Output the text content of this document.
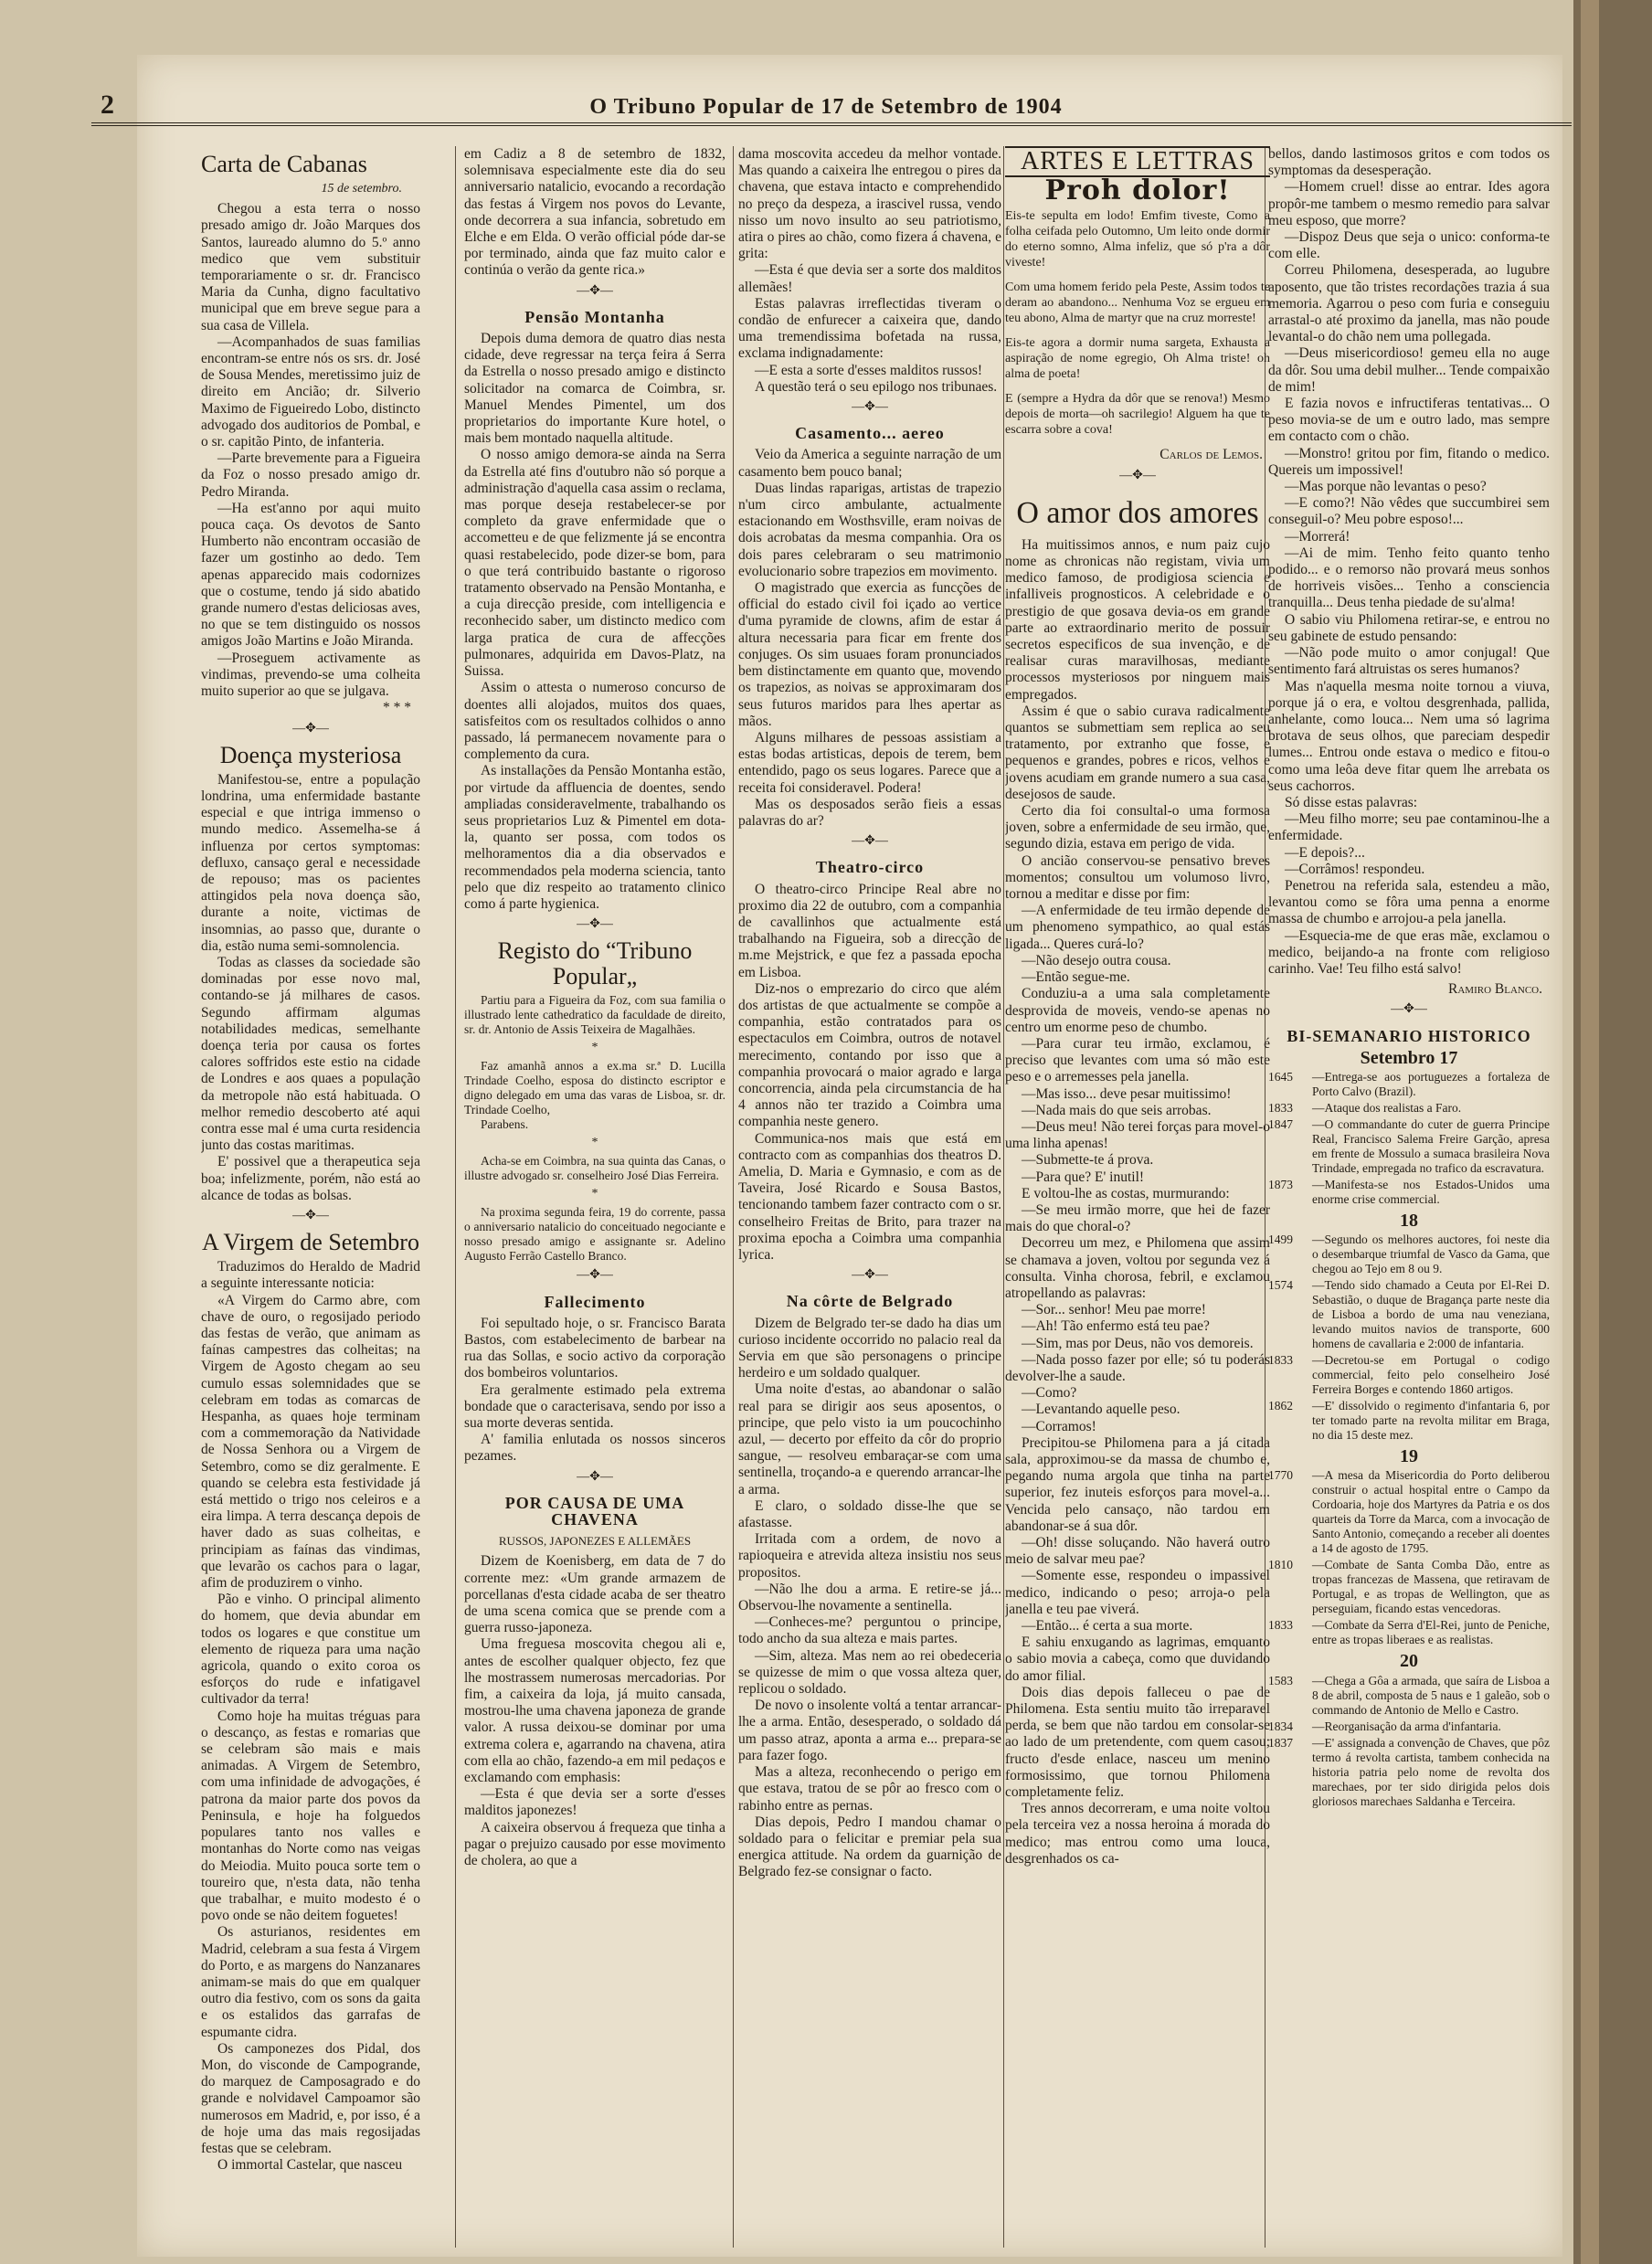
2	O Tribuno Popular de 17 de Setembro de 1904
Carta de Cabanas
15 de setembro.

Chegou a esta terra o nosso presado amigo dr. João Marques dos Santos, laureado alumno do 5.º anno medico que vem substituir temporariamente o sr. dr. Francisco Maria da Cunha, digno facultativo municipal que em breve segue para a sua casa de Villela.

—Acompanhados de suas familias encontram-se entre nós os srs. dr. José de Sousa Mendes, meretissimo juiz de direito em Ancião; dr. Silverio Maximo de Figueiredo Lobo, distincto advogado dos auditorios de Pombal, e o sr. capitão Pinto, de infanteria.

—Parte brevemente para a Figueira da Foz o nosso presado amigo dr. Pedro Miranda.

—Ha est'anno por aqui muito pouca caça. Os devotos de Santo Humberto não encontram occasião de fazer um gostinho ao dedo. Tem apenas apparecido mais codornizes que o costume, tendo já sido abatido grande numero d'estas deliciosas aves, no que se tem distinguido os nossos amigos João Martins e João Miranda.

—Proseguem activamente as vindimas, prevendo-se uma colheita muito superior ao que se julgava.

* * *
—✥—
Doença mysteriosa

Manifestou-se, entre a população londrina, uma enfermidade bastante especial e que intriga immenso o mundo medico. Assemelha-se á influenza por certos symptomas: defluxo, cansaço geral e necessidade de repouso; mas os pacientes attingidos pela nova doença são, durante a noite, victimas de insomnias, ao passo que, durante o dia, estão numa semi-somnolencia.

Todas as classes da sociedade são dominadas por esse novo mal, contando-se já milhares de casos. Segundo affirmam algumas notabilidades medicas, semelhante doença teria por causa os fortes calores soffridos este estio na cidade de Londres e aos quaes a população da metropole não está habituada. O melhor remedio descoberto até aqui contra esse mal é uma curta residencia junto das costas maritimas.

E' possivel que a therapeutica seja boa; infelizmente, porém, não está ao alcance de todas as bolsas.

—✥—
A Virgem de Setembro

Traduzimos do Heraldo de Madrid a seguinte interessante noticia:

«A Virgem do Carmo abre, com chave de ouro, o regosijado periodo das festas de verão, que animam as faínas campestres das colheitas; na Virgem de Agosto chegam ao seu cumulo essas solemnidades que se celebram em todas as comarcas de Hespanha, as quaes hoje terminam com a commemoração da Natividade de Nossa Senhora ou a Virgem de Setembro, como se diz geralmente. E quando se celebra esta festividade já está mettido o trigo nos celeiros e a eira limpa. A terra descança depois de haver dado as suas colheitas, e principiam as faínas das vindimas, que levarão os cachos para o lagar, afim de produzirem o vinho.

Pão e vinho. O principal alimento do homem, que devia abundar em todos os logares e que constitue um elemento de riqueza para uma nação agricola, quando o exito coroa os esforços do rude e infatigavel cultivador da terra!

Como hoje ha muitas tréguas para o descanço, as festas e romarias que se celebram são mais e mais animadas. A Virgem de Setembro, com uma infinidade de advogações, é patrona da maior parte dos povos da Peninsula, e hoje ha folguedos populares tanto nos valles e montanhas do Norte como nas veigas do Meiodia. Muito pouca sorte tem o toureiro que, n'esta data, não tenha que trabalhar, e muito modesto é o povo onde se não deitem foguetes!

Os asturianos, residentes em Madrid, celebram a sua festa á Virgem do Porto, e as margens do Nanzanares animam-se mais do que em qualquer outro dia festivo, com os sons da gaita e os estalidos das garrafas de espumante cidra.

Os camponezes dos Pidal, dos Mon, do visconde de Campogrande, do marquez de Camposagrado e do grande e nolvidavel Campoamor são numerosos em Madrid, e, por isso, é a de hoje uma das mais regosijadas festas que se celebram.

O immortal Castelar, que nasceu

em Cadiz a 8 de setembro de 1832, solemnisava especialmente este dia do seu anniversario natalicio, evocando a recordação das festas á Virgem nos povos do Levante, onde decorrera a sua infancia, sobretudo em Elche e em Elda. O verão official póde dar-se por terminado, ainda que faz muito calor e continúa o verão da gente rica.»

—✥—
Pensão Montanha

Depois duma demora de quatro dias nesta cidade, deve regressar na terça feira á Serra da Estrella o nosso presado amigo e distincto solicitador na comarca de Coimbra, sr. Manuel Mendes Pimentel, um dos proprietarios do importante Kure hotel, o mais bem montado naquella altitude.

O nosso amigo demora-se ainda na Serra da Estrella até fins d'outubro não só porque a administração d'aquella casa assim o reclama, mas porque deseja restabelecer-se por completo da grave enfermidade que o accometteu e de que felizmente já se encontra quasi restabelecido, pode dizer-se bom, para o que terá contribuido bastante o rigoroso tratamento observado na Pensão Montanha, e a cuja direcção preside, com intelligencia e reconhecido saber, um distincto medico com larga pratica de cura de affecções pulmonares, adquirida em Davos-Platz, na Suissa.

Assim o attesta o numeroso concurso de doentes alli alojados, muitos dos quaes, satisfeitos com os resultados colhidos o anno passado, lá permanecem novamente para o complemento da cura.

As installações da Pensão Montanha estão, por virtude da affluencia de doentes, sendo ampliadas consideravelmente, trabalhando os seus proprietarios Luz & Pimentel em dota-la, quanto ser possa, com todos os melhoramentos dia a dia observados e recommendados pela moderna sciencia, tanto pelo que diz respeito ao tratamento clinico como á parte hygienica.

—✥—
Registo do “Tribuno Popular„

Partiu para a Figueira da Foz, com sua familia o illustrado lente cathedratico da faculdade de direito, sr. dr. Antonio de Assis Teixeira de Magalhães.

*

Faz amanhã annos a ex.ma sr.ª D. Lucilla Trindade Coelho, esposa do distincto escriptor e digno delegado em uma das varas de Lisboa, sr. dr. Trindade Coelho,

Parabens.

*

Acha-se em Coimbra, na sua quinta das Canas, o illustre advogado sr. conselheiro José Dias Ferreira.

*

Na proxima segunda feira, 19 do corrente, passa o anniversario natalicio do conceituado negociante e nosso presado amigo e assignante sr. Adelino Augusto Ferrão Castello Branco.

—✥—
Fallecimento

Foi sepultado hoje, o sr. Francisco Barata Bastos, com estabelecimento de barbear na rua das Sollas, e socio activo da corporação dos bombeiros voluntarios.

Era geralmente estimado pela extrema bondade que o caracterisava, sendo por isso a sua morte deveras sentida.

A' familia enlutada os nossos sinceros pezames.

—✥—
POR CAUSA DE UMA CHAVENA
RUSSOS, JAPONEZES E ALLEMÃES

Dizem de Koenisberg, em data de 7 do corrente mez: «Um grande armazem de porcellanas d'esta cidade acaba de ser theatro de uma scena comica que se prende com a guerra russo-japoneza.

Uma freguesa moscovita chegou ali e, antes de escolher qualquer objecto, fez que lhe mostrassem numerosas mercadorias. Por fim, a caixeira da loja, já muito cansada, mostrou-lhe uma chavena japoneza de grande valor. A russa deixou-se dominar por uma extrema colera e, agarrando na chavena, atira com ella ao chão, fazendo-a em mil pedaços e exclamando com emphasis:

—Esta é que devia ser a sorte d'esses malditos japonezes!

A caixeira observou á frequeza que tinha a pagar o prejuizo causado por esse movimento de cholera, ao que a

dama moscovita accedeu da melhor vontade. Mas quando a caixeira lhe entregou o pires da chavena, que estava intacto e comprehendido no preço da despeza, a irascivel russa, vendo nisso um novo insulto ao seu patriotismo, atira o pires ao chão, como fizera á chavena, e grita:

—Esta é que devia ser a sorte dos malditos allemães!

Estas palavras irreflectidas tiveram o condão de enfurecer a caixeira que, dando uma tremendissima bofetada na russa, exclama indignadamente:

—E esta a sorte d'esses malditos russos!

A questão terá o seu epilogo nos tribunaes.

—✥—
Casamento... aereo

Veio da America a seguinte narração de um casamento bem pouco banal;

Duas lindas raparigas, artistas de trapezio n'um circo ambulante, actualmente estacionando em Wosthsville, eram noivas de dois acrobatas da mesma companhia. Ora os dois pares celebraram o seu matrimonio evolucionario sobre trapezios em movimento.

O magistrado que exercia as funcções de official do estado civil foi içado ao vertice d'uma pyramide de clowns, afim de estar á altura necessaria para ficar em frente dos conjuges. Os sim usuaes foram pronunciados bem distinctamente em quanto que, movendo os trapezios, as noivas se approximaram dos seus futuros maridos para lhes apertar as mãos.

Alguns milhares de pessoas assistiam a estas bodas artisticas, depois de terem, bem entendido, pago os seus logares. Parece que a receita foi consideravel. Podera!

Mas os desposados serão fieis a essas palavras do ar?

—✥—
Theatro-circo

O theatro-circo Principe Real abre no proximo dia 22 de outubro, com a companhia de cavallinhos que actualmente está trabalhando na Figueira, sob a direcção de m.me Mejstrick, e que fez a passada epocha em Lisboa.

Diz-nos o emprezario do circo que além dos artistas de que actualmente se compõe a companhia, estão contratados para os espectaculos em Coimbra, outros de notavel merecimento, contando por isso que a companhia provocará o maior agrado e larga concorrencia, ainda pela circumstancia de ha 4 annos não ter trazido a Coimbra uma companhia neste genero.

Communica-nos mais que está em contracto com as companhias dos theatros D. Amelia, D. Maria e Gymnasio, e com as de Taveira, José Ricardo e Sousa Bastos, tencionando tambem fazer contracto com o sr. conselheiro Freitas de Brito, para trazer na proxima epocha a Coimbra uma companhia lyrica.

—✥—
Na côrte de Belgrado

Dizem de Belgrado ter-se dado ha dias um curioso incidente occorrido no palacio real da Servia em que são personagens o principe herdeiro e um soldado qualquer.

Uma noite d'estas, ao abandonar o salão real para se dirigir aos seus aposentos, o principe, que pelo visto ia um poucochinho azul, — decerto por effeito da côr do proprio sangue, — resolveu embaraçar-se com uma sentinella, troçando-a e querendo arrancar-lhe a arma.

E claro, o soldado disse-lhe que se afastasse.

Irritada com a ordem, de novo a rapioqueira e atrevida alteza insistiu nos seus propositos.

—Não lhe dou a arma. E retire-se já... Observou-lhe novamente a sentinella.

—Conheces-me? perguntou o principe, todo ancho da sua alteza e mais partes.

—Sim, alteza. Mas nem ao rei obedeceria se quizesse de mim o que vossa alteza quer, replicou o soldado.

De novo o insolente voltá a tentar arrancar-lhe a arma. Então, desesperado, o soldado dá um passo atraz, aponta a arma e... prepara-se para fazer fogo.

Mas a alteza, reconhecendo o perigo em que estava, tratou de se pôr ao fresco com o rabinho entre as pernas.

Dias depois, Pedro I mandou chamar o soldado para o felicitar e premiar pela sua energica attitude. Na ordem da guarnição de Belgrado fez-se consignar o facto.

ARTES E LETTRAS
Proh dolor!

Eis-te sepulta em lodo! Emfim tiveste, Como a folha ceifada pelo Outomno, Um leito onde dormir do eterno somno, Alma infeliz, que só p'ra a dôr viveste!

Com uma homem ferido pela Peste, Assim todos te deram ao abandono... Nenhuma Voz se ergueu em teu abono, Alma de martyr que na cruz morreste!

Eis-te agora a dormir numa sargeta, Exhausta a aspiração de nome egregio, Oh Alma triste! oh alma de poeta!

E (sempre a Hydra da dôr que se renova!) Mesmo depois de morta—oh sacrilegio! Alguem ha que te escarra sobre a cova!

Carlos de Lemos.
—✥—
O amor dos amores

Ha muitissimos annos, e num paiz cujo nome as chronicas não registam, vivia um medico famoso, de prodigiosa sciencia e infalliveis prognosticos. A celebridade e o prestigio de que gosava devia-os em grande parte ao extraordinario merito de possuir secretos especificos de sua invenção, e de realisar curas maravilhosas, mediante processos mysteriosos por ninguem mais empregados.

Assim é que o sabio curava radicalmente quantos se submettiam sem replica ao seu tratamento, por extranho que fosse, e pequenos e grandes, pobres e ricos, velhos e jovens acudiam em grande numero a sua casa, desejosos de saude.

Certo dia foi consultal-o uma formosa joven, sobre a enfermidade de seu irmão, que, segundo dizia, estava em perigo de vida.

O ancião conservou-se pensativo breves momentos; consultou um volumoso livro, tornou a meditar e disse por fim:

—A enfermidade de teu irmão depende de um phenomeno sympathico, ao qual estás ligada... Queres curá-lo?

—Não desejo outra cousa.

—Então segue-me.

Conduziu-a a uma sala completamente desprovida de moveis, vendo-se apenas no centro um enorme peso de chumbo.

—Para curar teu irmão, exclamou, é preciso que levantes com uma só mão este peso e o arremesses pela janella.

—Mas isso... deve pesar muitissimo!

—Nada mais do que seis arrobas.

—Deus meu! Não terei forças para movel-o uma linha apenas!

—Submette-te á prova.

—Para que? E' inutil!

E voltou-lhe as costas, murmurando:

—Se meu irmão morre, que hei de fazer mais do que choral-o?

Decorreu um mez, e Philomena que assim se chamava a joven, voltou por segunda vez á consulta. Vinha chorosa, febril, e exclamou atropellando as palavras:

—Sor... senhor! Meu pae morre!

—Ah! Tão enfermo está teu pae?

—Sim, mas por Deus, não vos demoreis.

—Nada posso fazer por elle; só tu poderás devolver-lhe a saude.

—Como?

—Levantando aquelle peso.

—Corramos!

Precipitou-se Philomena para a já citada sala, approximou-se da massa de chumbo e, pegando numa argola que tinha na parte superior, fez inuteis esforços para movel-a... Vencida pelo cansaço, não tardou em abandonar-se á sua dôr.

—Oh! disse soluçando. Não haverá outro meio de salvar meu pae?

—Somente esse, respondeu o impassivel medico, indicando o peso; arroja-o pela janella e teu pae viverá.

—Então... é certa a sua morte.

E sahiu enxugando as lagrimas, emquanto o sabio movia a cabeça, como que duvidando do amor filial.

Dois dias depois falleceu o pae de Philomena. Esta sentiu muito tão irreparavel perda, se bem que não tardou em consolar-se ao lado de um pretendente, com quem casou; fructo d'esde enlace, nasceu um menino formosissimo, que tornou Philomena completamente feliz.

Tres annos decorreram, e uma noite voltou pela terceira vez a nossa heroina á morada do medico; mas entrou como uma louca, desgrenhados os ca-

bellos, dando lastimosos gritos e com todos os symptomas da desesperação.

—Homem cruel! disse ao entrar. Ides agora propôr-me tambem o mesmo remedio para salvar meu esposo, que morre?

—Dispoz Deus que seja o unico: conforma-te com elle.

Correu Philomena, desesperada, ao lugubre aposento, que tão tristes recordações trazia á sua memoria. Agarrou o peso com furia e conseguiu arrastal-o até proximo da janella, mas não poude levantal-o do chão nem uma pollegada.

—Deus misericordioso! gemeu ella no auge da dôr. Sou uma debil mulher... Tende compaixão de mim!

E fazia novos e infructiferas tentativas... O peso movia-se de um e outro lado, mas sempre em contacto com o chão.

—Monstro! gritou por fim, fitando o medico. Quereis um impossivel!

—Mas porque não levantas o peso?

—E como?! Não vêdes que succumbirei sem conseguil-o? Meu pobre esposo!...

—Morrerá!

—Ai de mim. Tenho feito quanto tenho podido... e o remorso não provará meus sonhos de horriveis visões... Tenho a consciencia tranquilla... Deus tenha piedade de su'alma!

O sabio viu Philomena retirar-se, e entrou no seu gabinete de estudo pensando:

—Não pode muito o amor conjugal! Que sentimento fará altruistas os seres humanos?

Mas n'aquella mesma noite tornou a viuva, porque já o era, e voltou desgrenhada, pallida, anhelante, como louca... Nem uma só lagrima brotava de seus olhos, que pareciam despedir lumes... Entrou onde estava o medico e fitou-o como uma leôa deve fitar quem lhe arrebata os seus cachorros.

Só disse estas palavras:

—Meu filho morre; seu pae contaminou-lhe a enfermidade.

—E depois?...

—Corrâmos! respondeu.

Penetrou na referida sala, estendeu a mão, levantou como se fôra uma penna a enorme massa de chumbo e arrojou-a pela janella.

—Esquecia-me de que eras mãe, exclamou o medico, beijando-a na fronte com religioso carinho. Vae! Teu filho está salvo!

Ramiro Blanco.
—✥—
BI-SEMANARIO HISTORICO
Setembro 17
1645	—Entrega-se aos portuguezes a fortaleza de Porto Calvo (Brazil).
1833	—Ataque dos realistas a Faro.
1847	—O commandante do cuter de guerra Principe Real, Francisco Salema Freire Garção, apresa em frente de Mossulo a sumaca brasileira Nova Trindade, empregada no trafico da escravatura.
1873	—Manifesta-se nos Estados-Unidos uma enorme crise commercial.
18
1499	—Segundo os melhores auctores, foi neste dia o desembarque triumfal de Vasco da Gama, que chegou ao Tejo em 8 ou 9.
1574	—Tendo sido chamado a Ceuta por El-Rei D. Sebastião, o duque de Bragança parte neste dia de Lisboa a bordo de uma nau veneziana, levando muitos navios de transporte, 600 homens de cavallaria e 2:000 de infantaria.
1833	—Decretou-se em Portugal o codigo commercial, feito pelo conselheiro José Ferreira Borges e contendo 1860 artigos.
1862	—E' dissolvido o regimento d'infantaria 6, por ter tomado parte na revolta militar em Braga, no dia 15 deste mez.
19
1770	—A mesa da Misericordia do Porto deliberou construir o actual hospital entre o Campo da Cordoaria, hoje dos Martyres da Patria e os dos quarteis da Torre da Marca, com a invocação de Santo Antonio, começando a receber ali doentes a 14 de agosto de 1795.
1810	—Combate de Santa Comba Dão, entre as tropas francezas de Massena, que retiravam de Portugal, e as tropas de Wellington, que as perseguiam, ficando estas vencedoras.
1833	—Combate da Serra d'El-Rei, junto de Peniche, entre as tropas liberaes e as realistas.
20
1583	—Chega a Gôa a armada, que saíra de Lisboa a 8 de abril, composta de 5 naus e 1 galeão, sob o commando de Antonio de Mello e Castro.
1834	—Reorganisação da arma d'infantaria.
1837	—E' assignada a convenção de Chaves, que pôz termo á revolta cartista, tambem conhecida na historia patria pelo nome de revolta dos marechaes, por ter sido dirigida pelos dois gloriosos marechaes Saldanha e Terceira.
